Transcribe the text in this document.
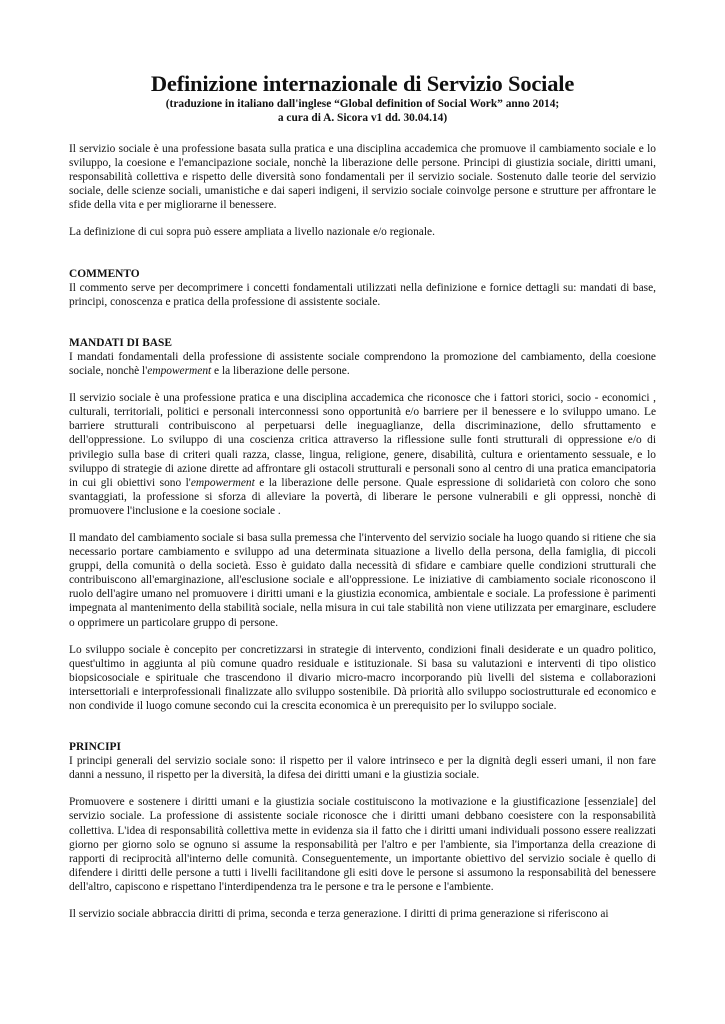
Definizione internazionale di Servizio Sociale

(traduzione in italiano dall'inglese “Global definition of Social Work” anno 2014;

a cura di A. Sicora v1 dd. 30.04.14)

Il servizio sociale è una professione basata sulla pratica e una disciplina accademica che promuove il cambiamento sociale e lo sviluppo, la coesione e l'emancipazione sociale, nonchè la liberazione delle persone. Principi di giustizia sociale, diritti umani, responsabilità collettiva e rispetto delle diversità sono fondamentali per il servizio sociale. Sostenuto dalle teorie del servizio sociale, delle scienze sociali, umanistiche e dai saperi indigeni, il servizio sociale coinvolge persone e strutture per affrontare le sfide della vita e per migliorarne il benessere.

La definizione di cui sopra può essere ampliata a livello nazionale e/o regionale.

COMMENTO

Il commento serve per decomprimere i concetti fondamentali utilizzati nella definizione e fornice dettagli su: mandati di base, principi, conoscenza e pratica della professione di assistente sociale.

MANDATI DI BASE

I mandati fondamentali della professione di assistente sociale comprendono la promozione del cambiamento, della coesione sociale, nonchè l'empowerment e la liberazione delle persone.

Il servizio sociale è una professione pratica e una disciplina accademica che riconosce che i fattori storici, socio - economici , culturali, territoriali, politici e personali interconnessi sono opportunità e/o barriere per il benessere e lo sviluppo umano. Le barriere strutturali contribuiscono al perpetuarsi delle ineguaglianze, della discriminazione, dello sfruttamento e dell'oppressione. Lo sviluppo di una coscienza critica attraverso la riflessione sulle fonti strutturali di oppressione e/o di privilegio sulla base di criteri quali razza, classe, lingua, religione, genere, disabilità, cultura e orientamento sessuale, e lo sviluppo di strategie di azione dirette ad affrontare gli ostacoli strutturali e personali sono al centro di una pratica emancipatoria in cui gli obiettivi sono l'empowerment e la liberazione delle persone. Quale espressione di solidarietà con coloro che sono svantaggiati, la professione si sforza di alleviare la povertà, di liberare le persone vulnerabili e gli oppressi, nonchè di promuovere l'inclusione e la coesione sociale .

Il mandato del cambiamento sociale si basa sulla premessa che l'intervento del servizio sociale ha luogo quando si ritiene che sia necessario portare cambiamento e sviluppo ad una determinata situazione a livello della persona, della famiglia, di piccoli gruppi, della comunità o della società. Esso è guidato dalla necessità di sfidare e cambiare quelle condizioni strutturali che contribuiscono all'emarginazione, all'esclusione sociale e all'oppressione. Le iniziative di cambiamento sociale riconoscono il ruolo dell'agire umano nel promuovere i diritti umani e la giustizia economica, ambientale e sociale. La professione è parimenti impegnata al mantenimento della stabilità sociale, nella misura in cui tale stabilità non viene utilizzata per emarginare, escludere o opprimere un particolare gruppo di persone.

Lo sviluppo sociale è concepito per concretizzarsi in strategie di intervento, condizioni finali desiderate e un quadro politico, quest'ultimo in aggiunta al più comune quadro residuale e istituzionale. Si basa su valutazioni e interventi di tipo olistico biopsicosociale e spirituale che trascendono il divario micro-macro incorporando più livelli del sistema e collaborazioni intersettoriali e interprofessionali finalizzate allo sviluppo sostenibile. Dà priorità allo sviluppo sociostrutturale ed economico e non condivide il luogo comune secondo cui la crescita economica è un prerequisito per lo sviluppo sociale.

PRINCIPI

I principi generali del servizio sociale sono: il rispetto per il valore intrinseco e per la dignità degli esseri umani, il non fare danni a nessuno, il rispetto per la diversità, la difesa dei diritti umani e la giustizia sociale.

Promuovere e sostenere i diritti umani e la giustizia sociale costituiscono la motivazione e la giustificazione [essenziale] del servizio sociale. La professione di assistente sociale riconosce che i diritti umani debbano coesistere con la responsabilità collettiva. L'idea di responsabilità collettiva mette in evidenza sia il fatto che i diritti umani individuali possono essere realizzati giorno per giorno solo se ognuno si assume la responsabilità per l'altro e per l'ambiente, sia l'importanza della creazione di rapporti di reciprocità all'interno delle comunità. Conseguentemente, un importante obiettivo del servizio sociale è quello di difendere i diritti delle persone a tutti i livelli facilitandone gli esiti dove le persone si assumono la responsabilità del benessere dell'altro, capiscono e rispettano l'interdipendenza tra le persone e tra le persone e l'ambiente.

Il servizio sociale abbraccia diritti di prima, seconda e terza generazione. I diritti di prima generazione si riferiscono ai
